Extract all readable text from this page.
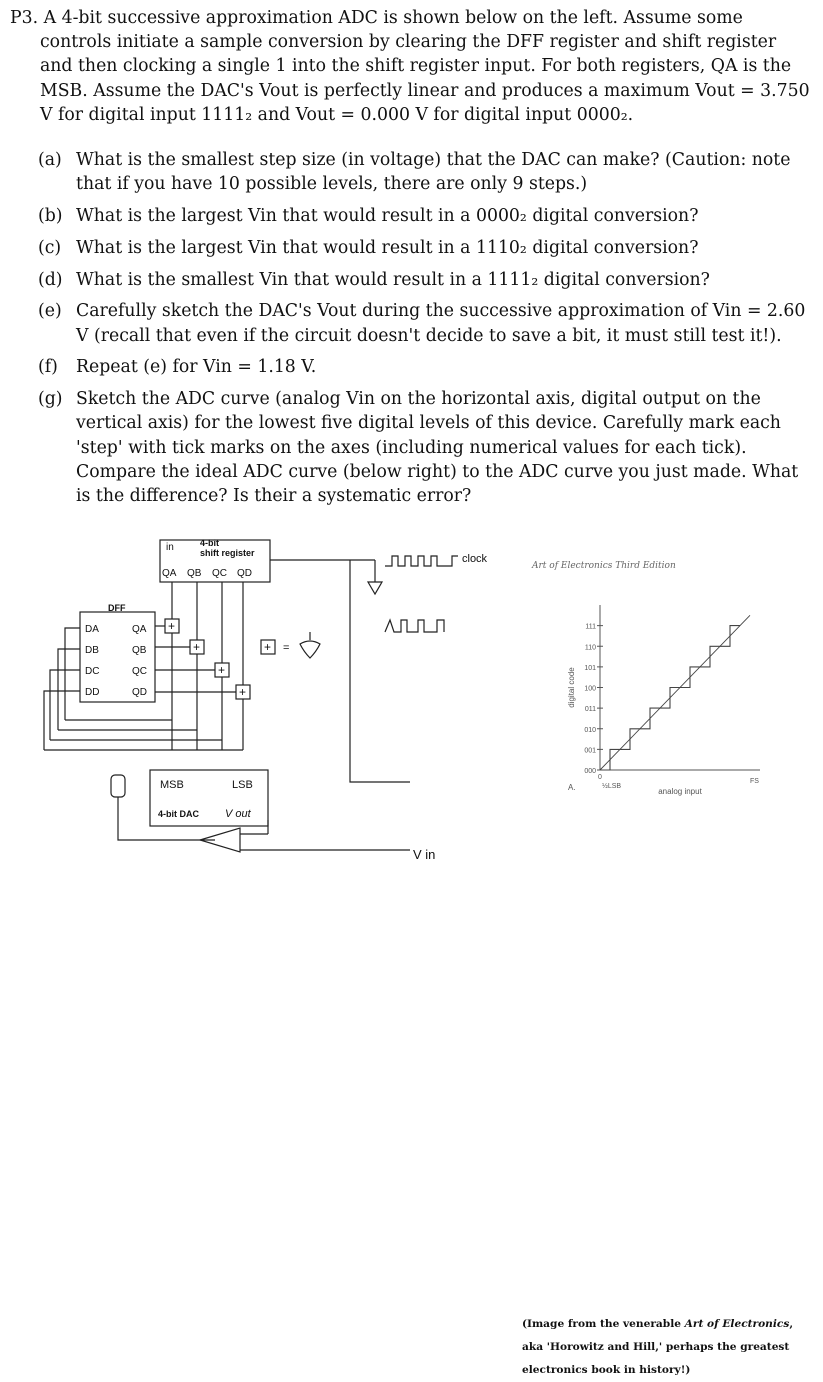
P3. A 4-bit successive approximation ADC is shown below on the left. Assume some controls initiate a sample conversion by clearing the DFF register and shift register and then clocking a single 1 into the shift register input. For both registers, QA is the MSB. Assume the DAC's Vout is perfectly linear and produces a maximum Vout = 3.750 V for digital input 1111₂ and Vout = 0.000 V for digital input 0000₂.
(a) What is the smallest step size (in voltage) that the DAC can make? (Caution: note that if you have 10 possible levels, there are only 9 steps.)
(b) What is the largest Vin that would result in a 0000₂ digital conversion?
(c) What is the largest Vin that would result in a 1110₂ digital conversion?
(d) What is the smallest Vin that would result in a 1111₂ digital conversion?
(e) Carefully sketch the DAC's Vout during the successive approximation of Vin = 2.60 V (recall that even if the circuit doesn't decide to save a bit, it must still test it!).
(f) Repeat (e) for Vin = 1.18 V.
(g) Sketch the ADC curve (analog Vin on the horizontal axis, digital output on the vertical axis) for the lowest five digital levels of this device. Carefully mark each 'step' with tick marks on the axes (including numerical values for each tick). Compare the ideal ADC curve (below right) to the ADC curve you just made. What is the difference? Is their a systematic error?
in	4-bit
shift register
QA QB QC QD
clock
DFF
DA
DB
DC
DD
QA
QB
QC
QD
+
+
+
+
+ =
MSB	LSB
4-bit DAC V out
V in
Art of Electronics Third Edition
111
110
101
100
011
010
001
000
digital code
analog input
0
FS
½LSB
A.
(Image from the venerable Art of Electronics, aka 'Horowitz and Hill,' perhaps the greatest electronics book in history!)
